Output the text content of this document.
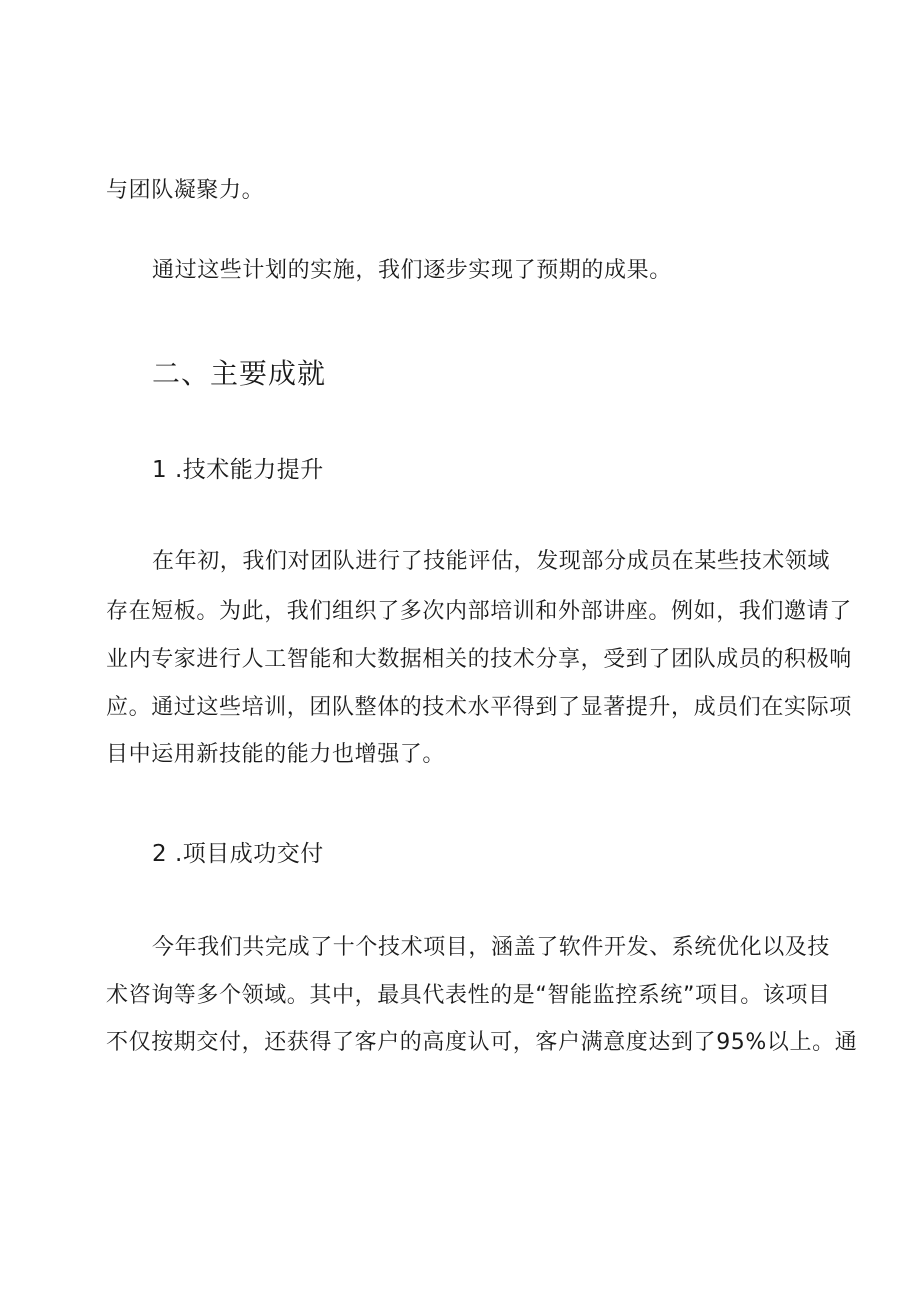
与团队凝聚力。
通过这些计划的实施，我们逐步实现了预期的成果。
二、主要成就
1 .技术能力提升
在年初，我们对团队进行了技能评估，发现部分成员在某些技术领域
存在短板。为此，我们组织了多次内部培训和外部讲座。例如，我们邀请了
业内专家进行人工智能和大数据相关的技术分享，受到了团队成员的积极响
应。通过这些培训，团队整体的技术水平得到了显著提升，成员们在实际项
目中运用新技能的能力也增强了。
2 .项目成功交付
今年我们共完成了十个技术项目，涵盖了软件开发、系统优化以及技
术咨询等多个领域。其中，最具代表性的是“智能监控系统”项目。该项目
不仅按期交付，还获得了客户的高度认可，客户满意度达到了95%以上。通
